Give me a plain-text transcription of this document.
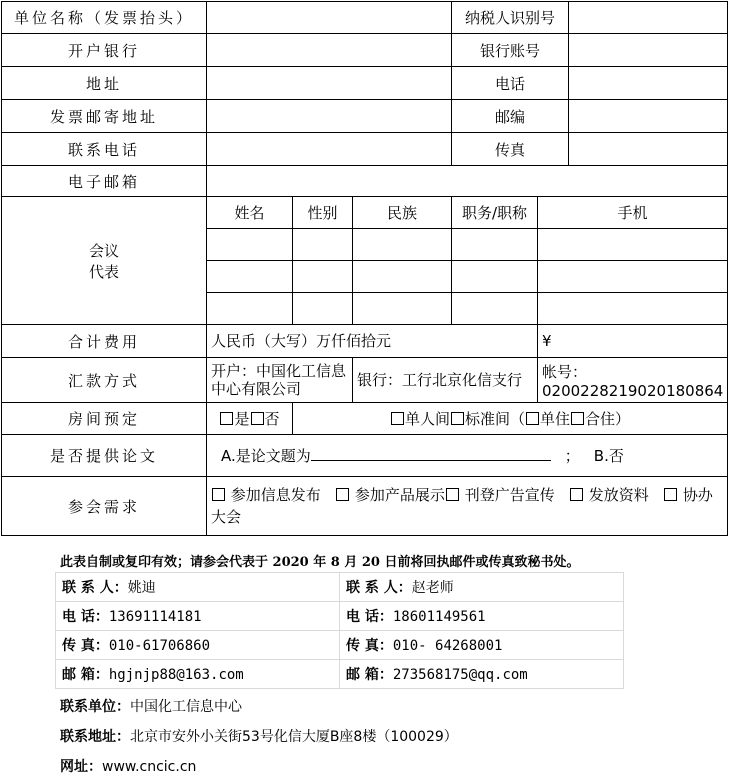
单位名称（发票抬头）				纳税人识别号		
开户银行				银行账号		
地址				电话		
发票邮寄地址				邮编		
联系电话				传真		
电子邮箱						

会议
代表	姓名	性别	民族	职务/职称	手机	

合计费用	人民币（大写）万仟佰拾元				¥	
汇款方式	开户：中国化工信息中心有限公司		银行：工行北京化信支行		帐号：0200228219020180864	
房间预定	是 否	单人间 标准间（ 单住 合住）				
是否提供论文	A.是论文题为 ； B.否					
参会需求	参加信息发布 参加产品展示 刊登广告宣传 发放资料 协办大会					
此表自制或复印有效；请参会代表于 2020 年 8 月 20 日前将回执邮件或传真致秘书处。
联 系 人：姚迪	联 系 人：赵老师
电 话：13691114181	电 话：18601149561
传 真：010-61706860	传 真：010- 64268001
邮 箱：hgjnjp88@163.com	邮 箱：273568175@qq.com
联系单位：中国化工信息中心
联系地址：北京市安外小关街53号化信大厦B座8楼（100029）
网址：www.cncic.cn
